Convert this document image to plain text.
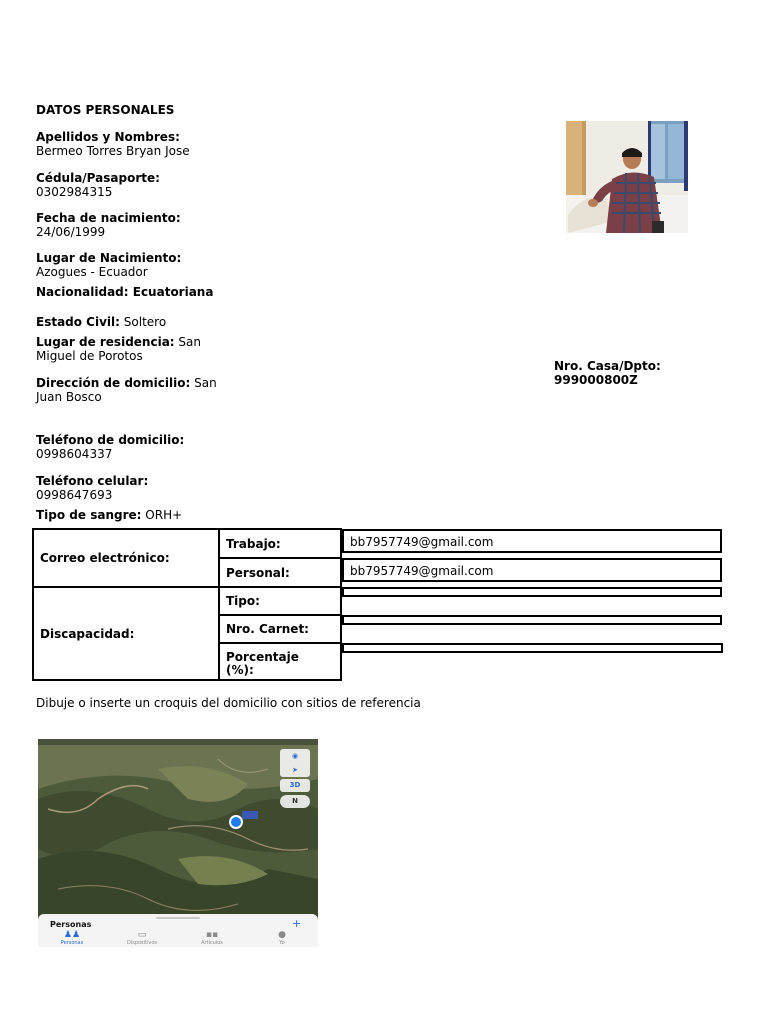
DATOS PERSONALES
Apellidos y Nombres:
Bermeo Torres Bryan Jose
Cédula/Pasaporte:
0302984315
Fecha de nacimiento:
24/06/1999
Lugar de Nacimiento:
Azogues - Ecuador
Nacionalidad: Ecuatoriana
Estado Civil: Soltero
Lugar de residencia: San
Miguel de Porotos
Dirección de domicilio: San
Juan Bosco
Nro. Casa/Dpto:
999000800Z
Teléfono de domicilio:
0998604337
Teléfono celular:
0998647693
Tipo de sangre: ORH+
Correo electrónico:	Trabajo:		bb7957749@gmail.com

	Personal:		bb7957749@gmail.com

Discapacidad:	Tipo:	

	Nro. Carnet:	

	Porcentaje
(%):

Dibuje o inserte un croquis del domicilio con sitios de referencia
◉
➤
3D
N
Personas	+
♟♟
Personas
▭
Dispositivos
▪▪
Artículos
●
Yo
